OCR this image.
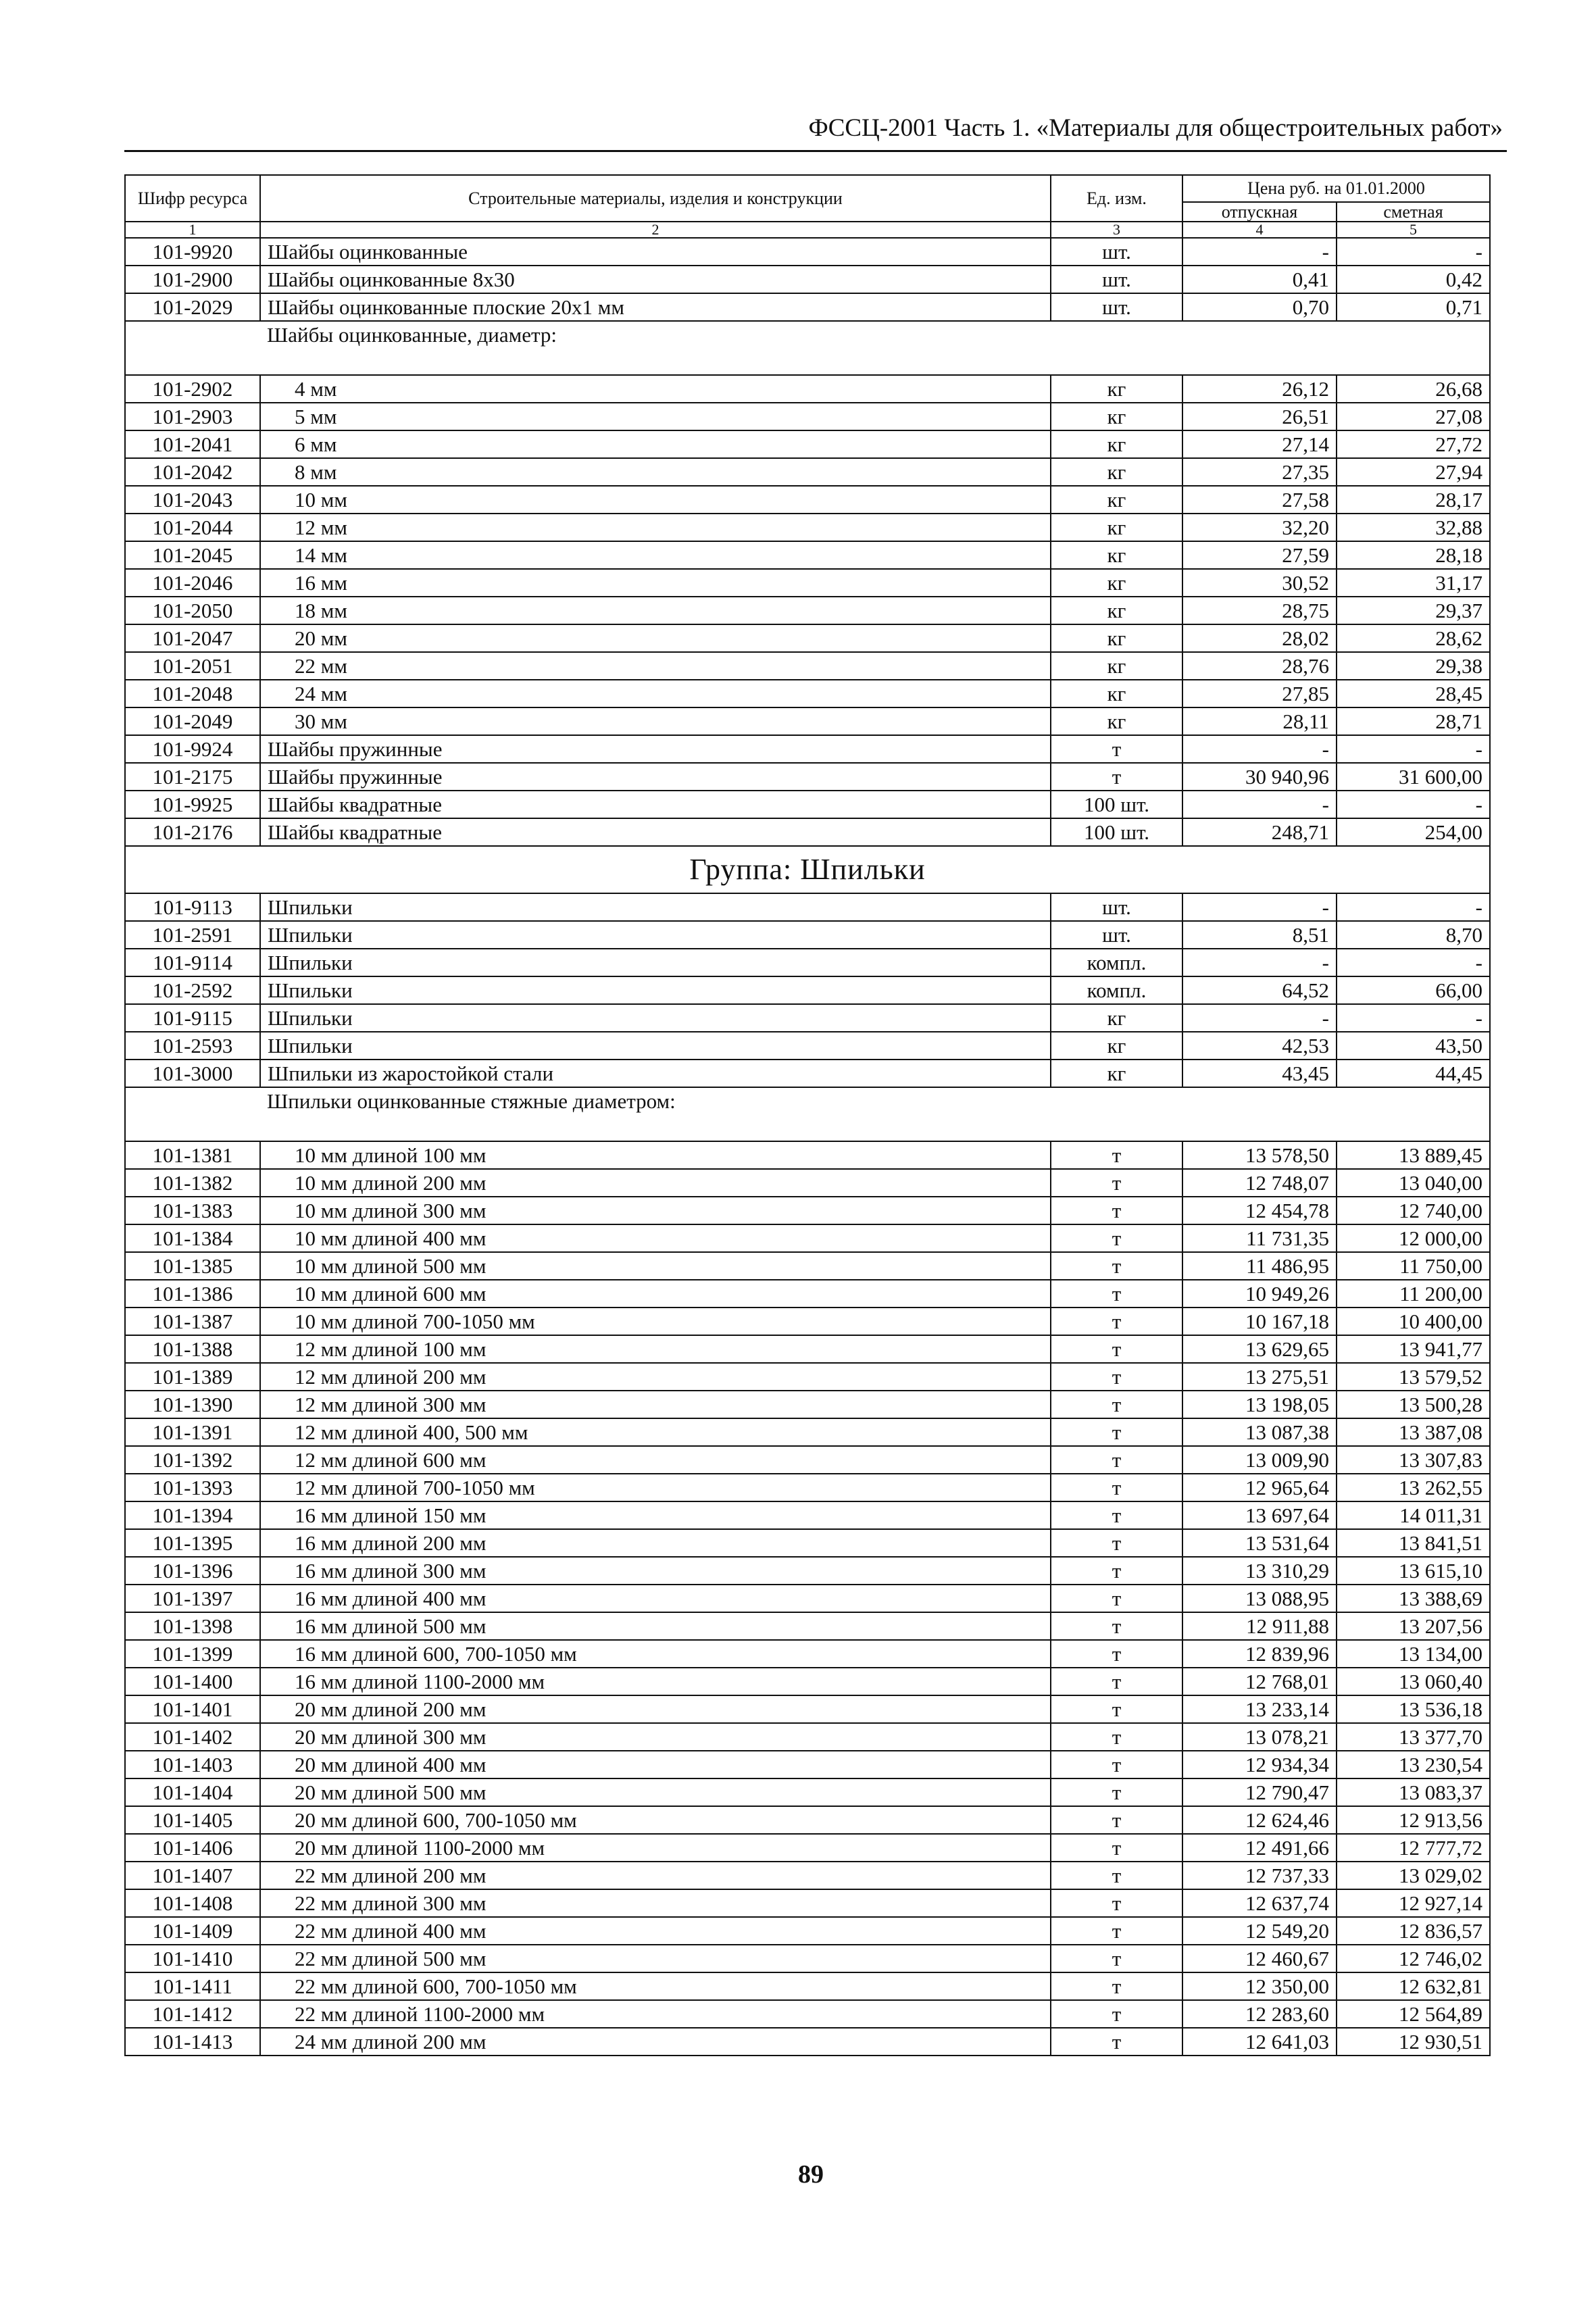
ФССЦ-2001 Часть 1. «Материалы для общестроительных работ»
Шифр ресурса	Строительные материалы, изделия и конструкции	Ед. изм.	Цена руб. на 01.01.2000	
			отпускная	сметная
1	2	3	4	5
101-9920	Шайбы оцинкованные	шт.	-	-
101-2900	Шайбы оцинкованные 8х30	шт.	0,41	0,42
101-2029	Шайбы оцинкованные плоские 20х1 мм	шт.	0,70	0,71
	Шайбы оцинкованные, диаметр:			
101-2902	4 мм	кг	26,12	26,68
101-2903	5 мм	кг	26,51	27,08
101-2041	6 мм	кг	27,14	27,72
101-2042	8 мм	кг	27,35	27,94
101-2043	10 мм	кг	27,58	28,17
101-2044	12 мм	кг	32,20	32,88
101-2045	14 мм	кг	27,59	28,18
101-2046	16 мм	кг	30,52	31,17
101-2050	18 мм	кг	28,75	29,37
101-2047	20 мм	кг	28,02	28,62
101-2051	22 мм	кг	28,76	29,38
101-2048	24 мм	кг	27,85	28,45
101-2049	30 мм	кг	28,11	28,71
101-9924	Шайбы пружинные	т	-	-
101-2175	Шайбы пружинные	т	30 940,96	31 600,00
101-9925	Шайбы квадратные	100 шт.	-	-
101-2176	Шайбы квадратные	100 шт.	248,71	254,00
Группа: Шпильки				
101-9113	Шпильки	шт.	-	-
101-2591	Шпильки	шт.	8,51	8,70
101-9114	Шпильки	компл.	-	-
101-2592	Шпильки	компл.	64,52	66,00
101-9115	Шпильки	кг	-	-
101-2593	Шпильки	кг	42,53	43,50
101-3000	Шпильки из жаростойкой стали	кг	43,45	44,45
	Шпильки оцинкованные стяжные диаметром:			
101-1381	10 мм длиной 100 мм	т	13 578,50	13 889,45
101-1382	10 мм длиной 200 мм	т	12 748,07	13 040,00
101-1383	10 мм длиной 300 мм	т	12 454,78	12 740,00
101-1384	10 мм длиной 400 мм	т	11 731,35	12 000,00
101-1385	10 мм длиной 500 мм	т	11 486,95	11 750,00
101-1386	10 мм длиной 600 мм	т	10 949,26	11 200,00
101-1387	10 мм длиной 700-1050 мм	т	10 167,18	10 400,00
101-1388	12 мм длиной 100 мм	т	13 629,65	13 941,77
101-1389	12 мм длиной 200 мм	т	13 275,51	13 579,52
101-1390	12 мм длиной 300 мм	т	13 198,05	13 500,28
101-1391	12 мм длиной 400, 500 мм	т	13 087,38	13 387,08
101-1392	12 мм длиной 600 мм	т	13 009,90	13 307,83
101-1393	12 мм длиной 700-1050 мм	т	12 965,64	13 262,55
101-1394	16 мм длиной 150 мм	т	13 697,64	14 011,31
101-1395	16 мм длиной 200 мм	т	13 531,64	13 841,51
101-1396	16 мм длиной 300 мм	т	13 310,29	13 615,10
101-1397	16 мм длиной 400 мм	т	13 088,95	13 388,69
101-1398	16 мм длиной 500 мм	т	12 911,88	13 207,56
101-1399	16 мм длиной 600, 700-1050 мм	т	12 839,96	13 134,00
101-1400	16 мм длиной 1100-2000 мм	т	12 768,01	13 060,40
101-1401	20 мм длиной 200 мм	т	13 233,14	13 536,18
101-1402	20 мм длиной 300 мм	т	13 078,21	13 377,70
101-1403	20 мм длиной 400 мм	т	12 934,34	13 230,54
101-1404	20 мм длиной 500 мм	т	12 790,47	13 083,37
101-1405	20 мм длиной 600, 700-1050 мм	т	12 624,46	12 913,56
101-1406	20 мм длиной 1100-2000 мм	т	12 491,66	12 777,72
101-1407	22 мм длиной 200 мм	т	12 737,33	13 029,02
101-1408	22 мм длиной 300 мм	т	12 637,74	12 927,14
101-1409	22 мм длиной 400 мм	т	12 549,20	12 836,57
101-1410	22 мм длиной 500 мм	т	12 460,67	12 746,02
101-1411	22 мм длиной 600, 700-1050 мм	т	12 350,00	12 632,81
101-1412	22 мм длиной 1100-2000 мм	т	12 283,60	12 564,89
101-1413	24 мм длиной 200 мм	т	12 641,03	12 930,51
89
